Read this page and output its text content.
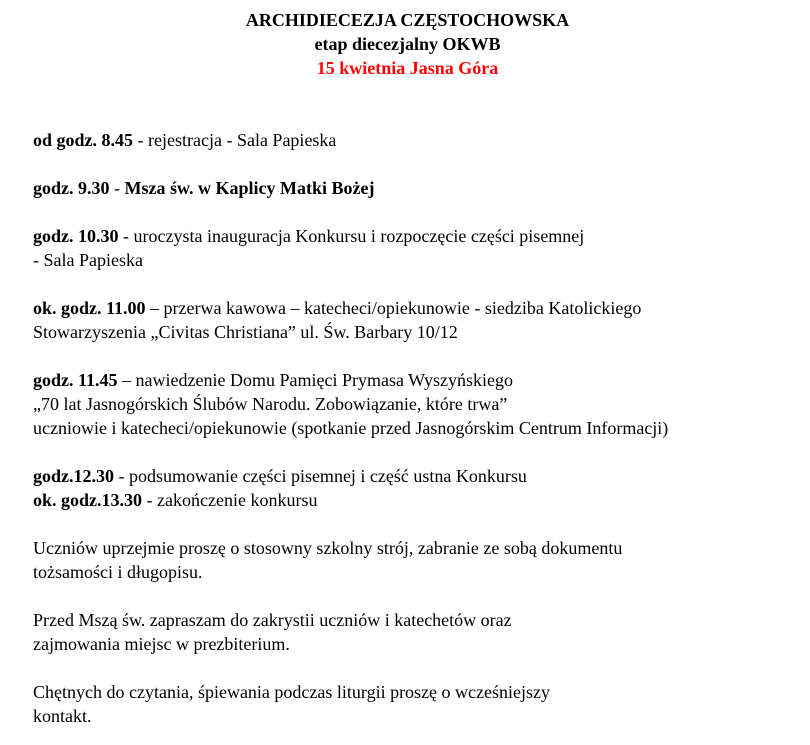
ARCHIDIECEZJA CZĘSTOCHOWSKA
etap diecezjalny OKWB
15 kwietnia Jasna Góra
od godz. 8.45 - rejestracja - Sala Papieska
godz. 9.30 - Msza św. w Kaplicy Matki Bożej
godz. 10.30 - uroczysta inauguracja Konkursu i rozpoczęcie części pisemnej
- Sala Papieska
ok. godz. 11.00 – przerwa kawowa – katecheci/opiekunowie - siedziba Katolickiego
Stowarzyszenia „Civitas Christiana” ul. Św. Barbary 10/12
godz. 11.45 – nawiedzenie Domu Pamięci Prymasa Wyszyńskiego
„70 lat Jasnogórskich Ślubów Narodu. Zobowiązanie, które trwa”
uczniowie i katecheci/opiekunowie (spotkanie przed Jasnogórskim Centrum Informacji)
godz.12.30 - podsumowanie części pisemnej i część ustna Konkursu
ok. godz.13.30 - zakończenie konkursu
Uczniów uprzejmie proszę o stosowny szkolny strój, zabranie ze sobą dokumentu
tożsamości i długopisu.
Przed Mszą św. zapraszam do zakrystii uczniów i katechetów oraz
zajmowania miejsc w prezbiterium.
Chętnych do czytania, śpiewania podczas liturgii proszę o wcześniejszy
kontakt.
